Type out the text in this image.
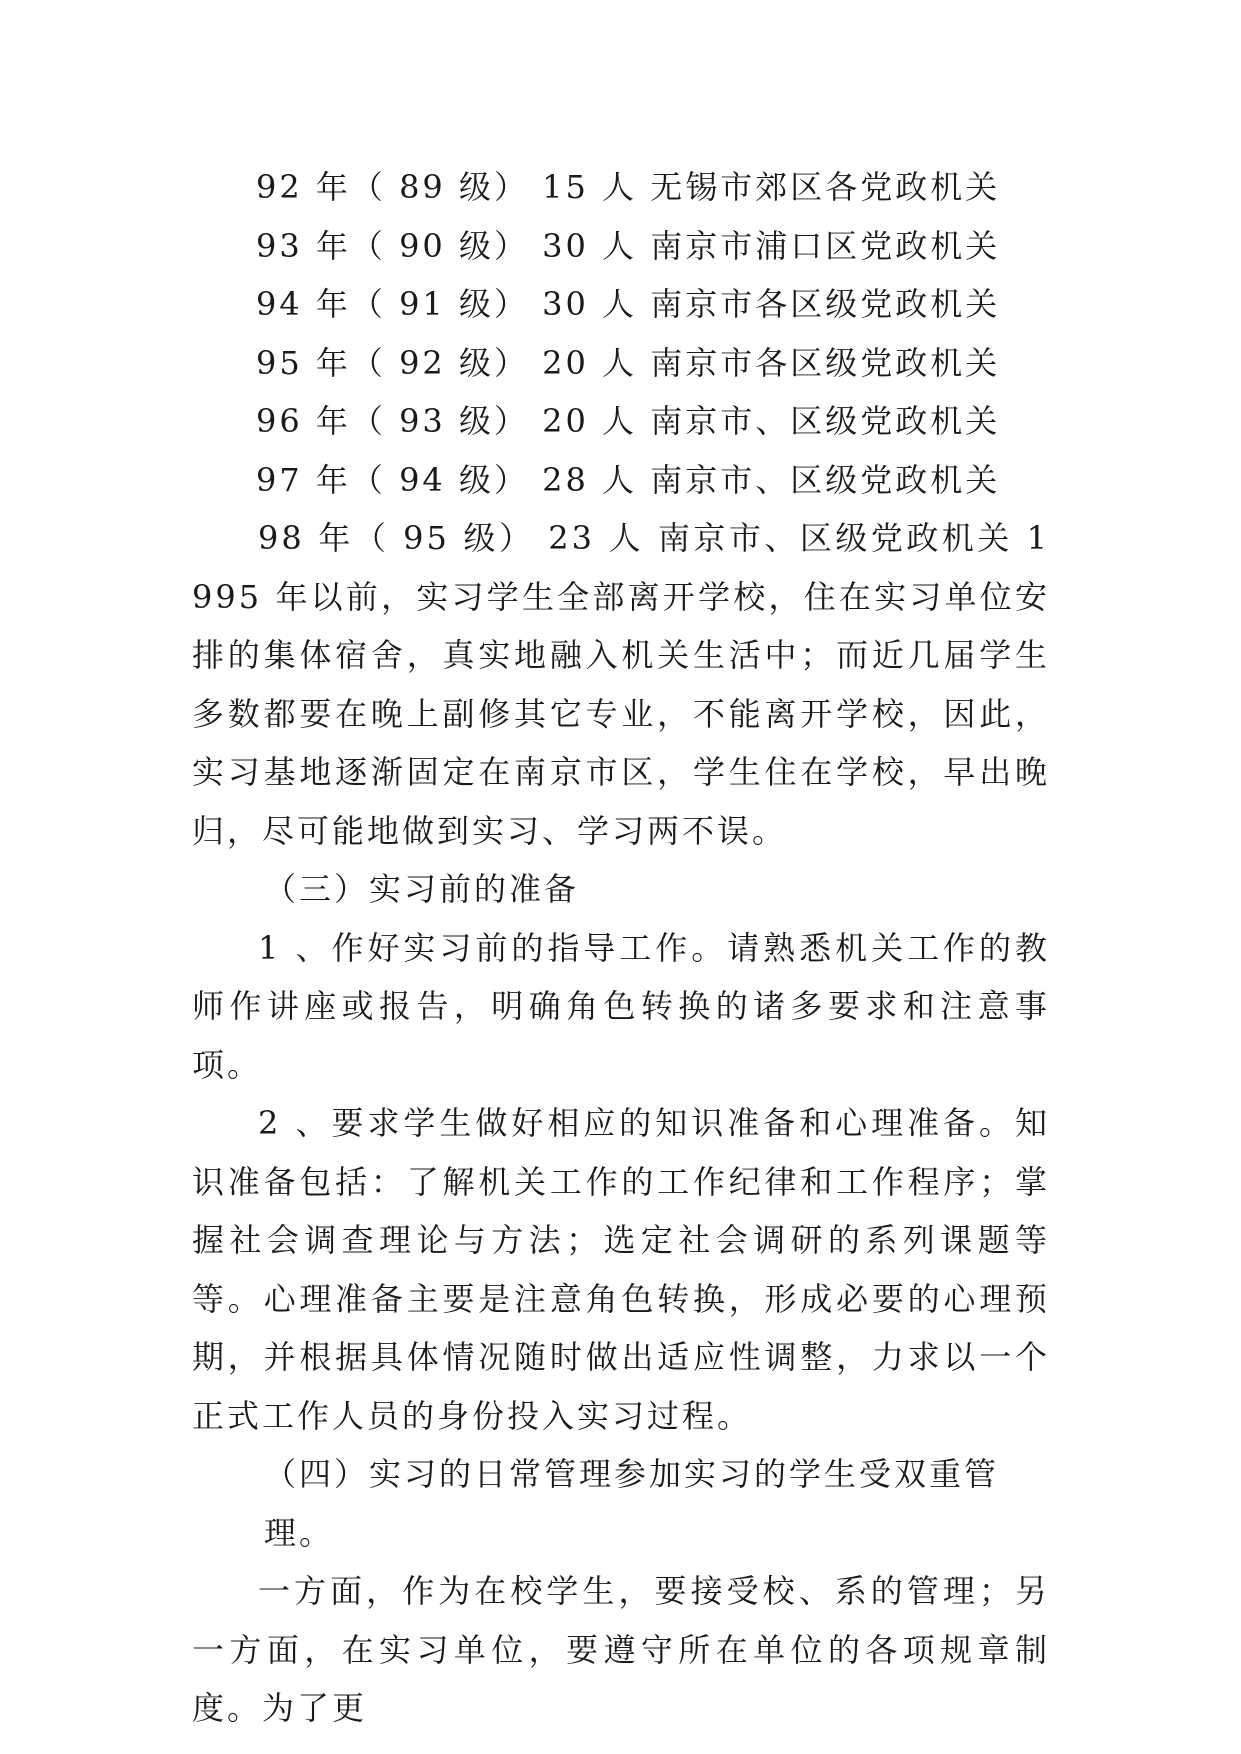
92 年（ 89 级） 15 人 无锡市郊区各党政机关
93 年（ 90 级） 30 人 南京市浦口区党政机关
94 年（ 91 级） 30 人 南京市各区级党政机关
95 年（ 92 级） 20 人 南京市各区级党政机关
96 年（ 93 级） 20 人 南京市、区级党政机关
97 年（ 94 级） 28 人 南京市、区级党政机关

98 年（ 95 级） 23 人 南京市、区级党政机关 1995 年以前，实习学生全部离开学校，住在实习单位安排的集体宿舍，真实地融入机关生活中；而近几届学生多数都要在晚上副修其它专业，不能离开学校，因此，实习基地逐渐固定在南京市区，学生住在学校，早出晚归，尽可能地做到实习、学习两不误。

（三）实习前的准备

1 、作好实习前的指导工作。请熟悉机关工作的教师作讲座或报告，明确角色转换的诸多要求和注意事项。

2 、要求学生做好相应的知识准备和心理准备。知识准备包括：了解机关工作的工作纪律和工作程序；掌握社会调查理论与方法；选定社会调研的系列课题等等。心理准备主要是注意角色转换，形成必要的心理预期，并根据具体情况随时做出适应性调整，力求以一个正式工作人员的身份投入实习过程。

（四）实习的日常管理参加实习的学生受双重管理。

一方面，作为在校学生，要接受校、系的管理；另一方面，在实习单位，要遵守所在单位的各项规章制度。为了更
